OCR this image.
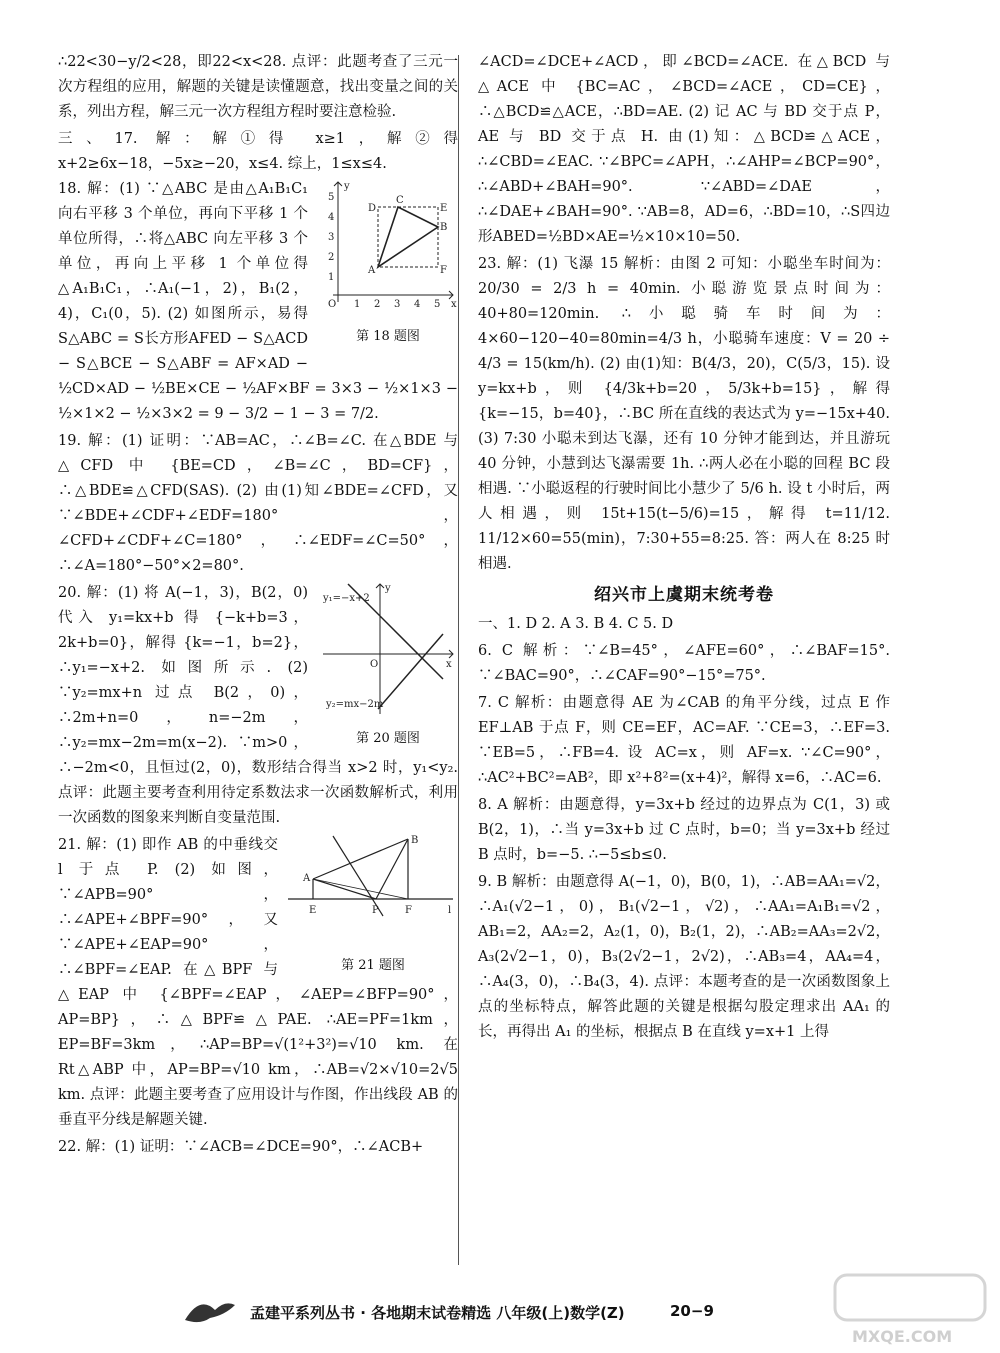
∴22<30−y/2<28，即22<x<28. 点评：此题考查了三元一次方程组的应用，解题的关键是读懂题意，找出变量之间的关系，列出方程，解三元一次方程组方程时要注意检验.

三、17. 解：解①得 x≥1，解②得 x+2≥6x−18，−5x≥−20，x≤4. 综上，1≤x≤4.

x
y
O 1 2 3 4 5
1
2
3
4
5
A
B
C
D	E
F
第 18 题图

18. 解：(1) ∵△ABC 是由△A₁B₁C₁ 向右平移 3 个单位，再向下平移 1 个单位所得，∴将△ABC 向左平移 3 个单位，再向上平移 1 个单位得△A₁B₁C₁，∴A₁(−1，2)，B₁(2，4)，C₁(0，5). (2) 如图所示，易得 S△ABC = S长方形AFED − S△ACD − S△BCE − S△ABF = AF×AD − ½CD×AD − ½BE×CE − ½AF×BF = 3×3 − ½×1×3 − ½×1×2 − ½×3×2 = 9 − 3/2 − 1 − 3 = 7/2.

19. 解：(1) 证明：∵AB=AC，∴∠B=∠C. 在△BDE 与△CFD 中 {BE=CD，∠B=∠C，BD=CF}，∴△BDE≌△CFD(SAS). (2) 由(1)知∠BDE=∠CFD，又∵∠BDE+∠CDF+∠EDF=180°，∠CFD+∠CDF+∠C=180°，∴∠EDF=∠C=50°，∴∠A=180°−50°×2=80°.

x
y
O
y₁=−x+2
y₂=mx−2m
第 20 题图

20. 解：(1) 将 A(−1，3)，B(2，0) 代入 y₁=kx+b 得 {−k+b=3，2k+b=0}，解得 {k=−1，b=2}，∴y₁=−x+2. 如图所示. (2) ∵y₂=mx+n 过点 B(2，0)，∴2m+n=0，n=−2m，∴y₂=mx−2m=m(x−2). ∵m>0，∴−2m<0，且恒过(2，0)，数形结合得当 x>2 时，y₁<y₂. 点评：此题主要考查利用待定系数法求一次函数解析式，利用一次函数的图象来判断自变量范围.

A
B
l
E	P	F
第 21 题图

21. 解：(1) 即作 AB 的中垂线交 l 于点 P. (2) 如图，∵∠APB=90°，∴∠APE+∠BPF=90°，又∵∠APE+∠EAP=90°，∴∠BPF=∠EAP. 在△BPF 与△EAP 中 {∠BPF=∠EAP，∠AEP=∠BFP=90°，AP=BP}，∴△BPF≌△PAE. ∴AE=PF=1km，EP=BF=3km，∴AP=BP=√(1²+3²)=√10 km. 在 Rt△ABP 中，AP=BP=√10 km，∴AB=√2×√10=2√5 km. 点评：此题主要考查了应用设计与作图，作出线段 AB 的垂直平分线是解题关键.

22. 解：(1) 证明：∵∠ACB=∠DCE=90°，∴∠ACB+

∠ACD=∠DCE+∠ACD，即∠BCD=∠ACE. 在△BCD 与△ACE 中 {BC=AC，∠BCD=∠ACE，CD=CE}，∴△BCD≌△ACE，∴BD=AE. (2) 记 AC 与 BD 交于点 P，AE 与 BD 交于点 H. 由(1)知：△BCD≌△ACE，∴∠CBD=∠EAC. ∵∠BPC=∠APH，∴∠AHP=∠BCP=90°，∴∠ABD+∠BAH=90°. ∵∠ABD=∠DAE，∴∠DAE+∠BAH=90°. ∵AB=8，AD=6，∴BD=10，∴S四边形ABED=½BD×AE=½×10×10=50.

23. 解：(1) 飞瀑 15 解析：由图 2 可知：小聪坐车时间为：20/30 = 2/3 h = 40min. 小聪游览景点时间为：40+80=120min. ∴小聪骑车时间为：4×60−120−40=80min=4/3 h，小聪骑车速度：V = 20 ÷ 4/3 = 15(km/h). (2) 由(1)知：B(4/3，20)，C(5/3，15). 设 y=kx+b，则 {4/3k+b=20，5/3k+b=15}，解得 {k=−15，b=40}，∴BC 所在直线的表达式为 y=−15x+40. (3) 7:30 小聪未到达飞瀑，还有 10 分钟才能到达，并且游玩 40 分钟，小慧到达飞瀑需要 1h. ∴两人必在小聪的回程 BC 段相遇. ∵小聪返程的行驶时间比小慧少了 5/6 h. 设 t 小时后，两人相遇，则 15t+15(t−5/6)=15，解得 t=11/12. 11/12×60=55(min)，7:30+55=8:25. 答：两人在 8:25 时相遇.

绍兴市上虞期末统考卷

一、1. D 2. A 3. B 4. C 5. D

6. C 解析：∵∠B=45°，∠AFE=60°，∴∠BAF=15°. ∵∠BAC=90°，∴∠CAF=90°−15°=75°.

7. C 解析：由题意得 AE 为∠CAB 的角平分线，过点 E 作 EF⊥AB 于点 F，则 CE=EF，AC=AF. ∵CE=3，∴EF=3. ∵EB=5，∴FB=4. 设 AC=x，则 AF=x. ∵∠C=90°，∴AC²+BC²=AB²，即 x²+8²=(x+4)²，解得 x=6，∴AC=6.

8. A 解析：由题意得，y=3x+b 经过的边界点为 C(1，3) 或 B(2，1)，∴当 y=3x+b 过 C 点时，b=0；当 y=3x+b 经过 B 点时，b=−5. ∴−5≤b≤0.

9. B 解析：由题意得 A(−1，0)，B(0，1)，∴AB=AA₁=√2，∴A₁(√2−1，0)，B₁(√2−1，√2)，∴AA₁=A₁B₁=√2，AB₁=2，AA₂=2，A₂(1，0)，B₂(1，2)，∴AB₂=AA₃=2√2，A₃(2√2−1，0)，B₃(2√2−1，2√2)，∴AB₃=4，AA₄=4，∴A₄(3，0)，∴B₄(3，4). 点评：本题考查的是一次函数图象上点的坐标特点，解答此题的关键是根据勾股定理求出 AA₁ 的长，再得出 A₁ 的坐标，根据点 B 在直线 y=x+1 上得

孟建平系列丛书 · 各地期末试卷精选 八年级(上)数学(Z)	20−9
MXQE.COM
